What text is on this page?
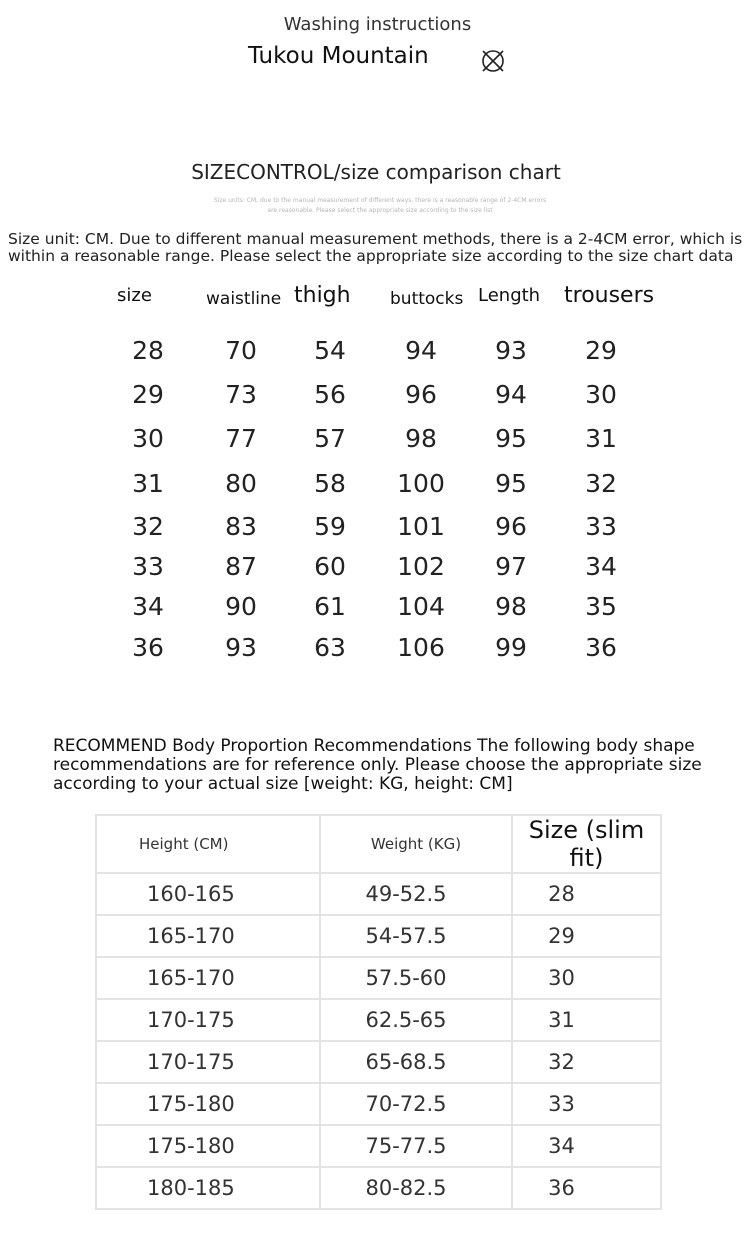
Washing instructions
Tukou Mountain
SIZECONTROL/size comparison chart
Size units: CM, due to the manual measurement of different ways, there is a reasonable range of 2-4CM errors
are reasonable. Please select the appropriate size according to the size list
Size unit: CM. Due to different manual measurement methods, there is a 2-4CM error, which is within a reasonable range. Please select the appropriate size according to the size chart data
size	waistline thigh buttocks Length trousers
28	70	54	94	93	29
29	73	56	96	94	30
30	77	57	98	95	31
31	80	58	100	95	32
32	83	59	101	96	33
33	87	60	102	97	34
34	90	61	104	98	35
36	93	63	106	99	36
RECOMMEND Body Proportion Recommendations The following body shape recommendations are for reference only. Please choose the appropriate size according to your actual size [weight: KG, height: CM]
Height (CM)	Weight (KG)	Size (slim fit)
160-165	49-52.5	28
165-170	54-57.5	29
165-170	57.5-60	30
170-175	62.5-65	31
170-175	65-68.5	32
175-180	70-72.5	33
175-180	75-77.5	34
180-185	80-82.5	36
